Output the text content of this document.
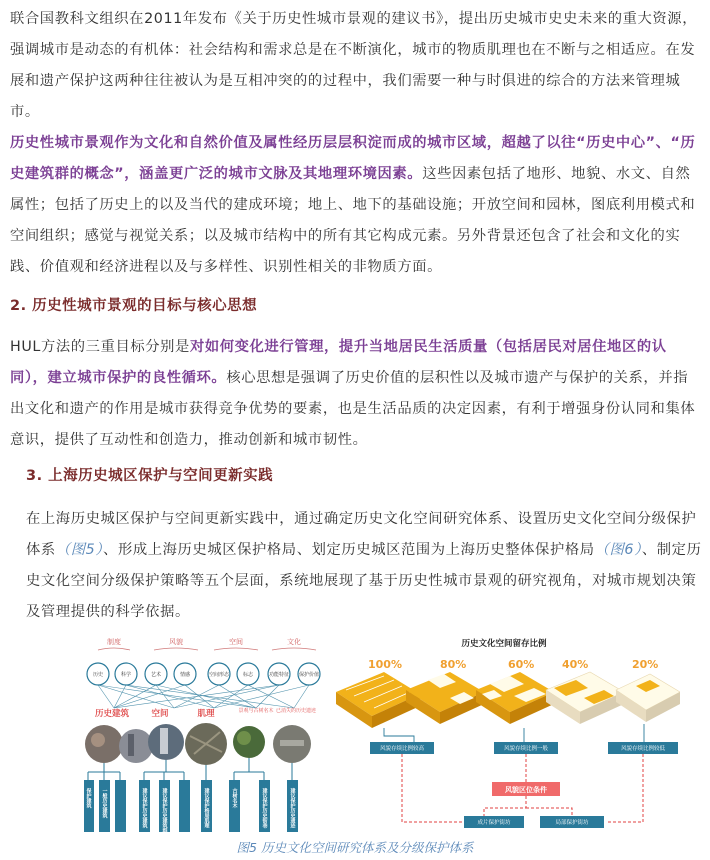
联合国教科文组织在2011年发布《关于历史性城市景观的建议书》，提出历史城市史史未来的重大资源，强调城市是动态的有机体：社会结构和需求总是在不断演化，城市的物质肌理也在不断与之相适应。在发展和遗产保护这两种往往被认为是互相冲突的的过程中，我们需要一种与时俱进的综合的方法来管理城市。

历史性城市景观作为文化和自然价值及属性经历层层积淀而成的城市区域，超越了以往“历史中心”、“历史建筑群的概念”，涵盖更广泛的城市文脉及其地理环境因素。这些因素包括了地形、地貌、水文、自然属性；包括了历史上的以及当代的建成环境；地上、地下的基础设施；开放空间和园林，图底利用模式和空间组织；感觉与视觉关系；以及城市结构中的所有其它构成元素。另外背景还包含了社会和文化的实践、价值观和经济进程以及与多样性、识别性相关的非物质方面。

2. 历史性城市景观的目标与核心思想

HUL方法的三重目标分别是对如何变化进行管理，提升当地居民生活质量（包括居民对居住地区的认同），建立城市保护的良性循环。核心思想是强调了历史价值的层积性以及城市遗产与保护的关系，并指出文化和遗产的作用是城市获得竞争优势的要素，也是生活品质的决定因素，有利于增强身份认同和集体意识，提供了互动性和创造力，推动创新和城市韧性。

3. 上海历史城区保护与空间更新实践

在上海历史城区保护与空间更新实践中，通过确定历史文化空间研究体系、设置历史文化空间分级保护体系（图5）、形成上海历史城区保护格局、划定历史城区范围为上海历史整体保护格局（图6）、制定历史文化空间分级保护策略等五个层面，系统地展现了基于历史性城市景观的研究视角，对城市规划决策及管理提供的科学依据。

制度	风貌	空间	文化
历史	科学	艺术	情感	空间形态	标志	功能特征 保护价值
历史建筑	空间	肌理	景观与古树名木 已消失的历史遗迹
保护建筑 一般历史建筑	建议保护历史建筑	建议保护历史建筑群	建议保护格局肌理	古树名木	建议保护历史街巷	建议保护历史遗迹
历史文化空间留存比例
100%	80%	60%	40%	20%
风貌存续比例较高	风貌存续比例一般	风貌存续比例较低
风貌区位条件
成片保护街坊	局部保护街坊
图5 历史文化空间研究体系及分级保护体系
